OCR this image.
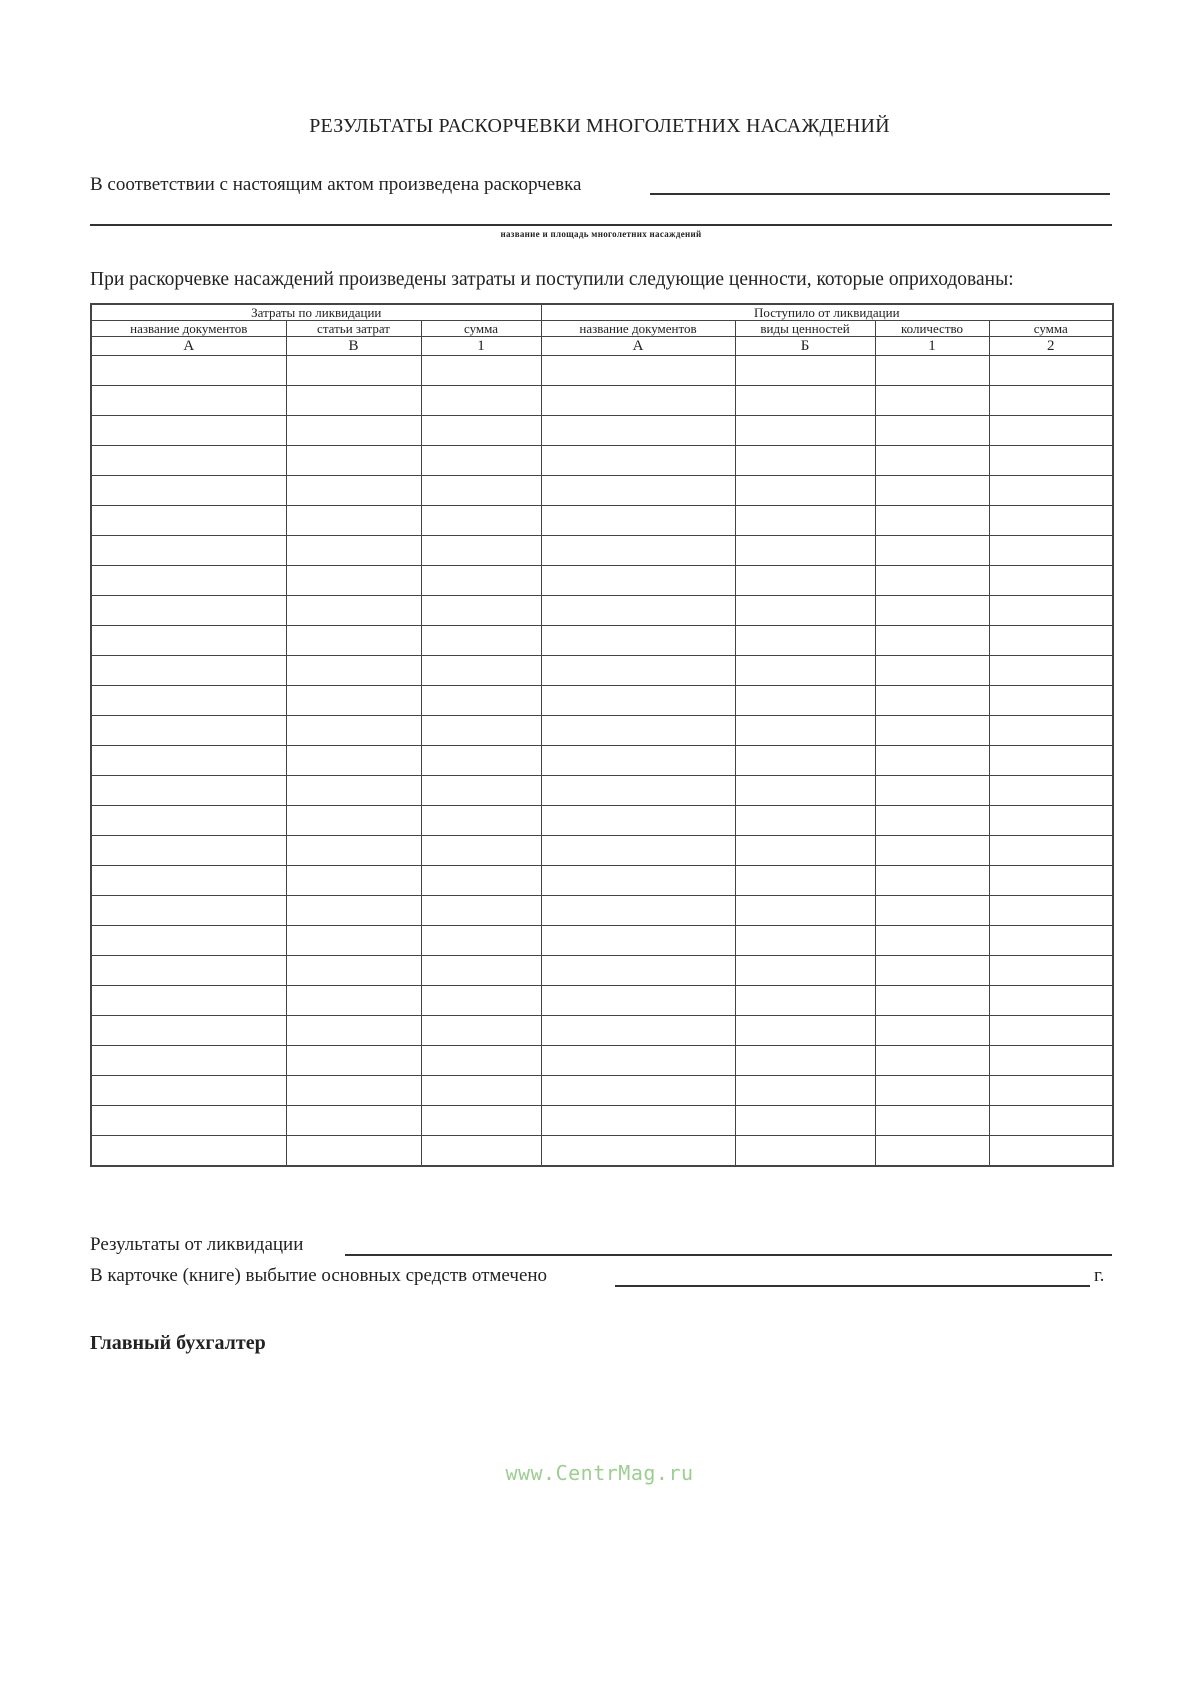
РЕЗУЛЬТАТЫ РАСКОРЧЕВКИ МНОГОЛЕТНИХ НАСАЖДЕНИЙ
В соответствии с настоящим актом произведена раскорчевка
название и площадь многолетних насаждений
При раскорчевке насаждений произведены затраты и поступили следующие ценности, которые оприходованы:
Затраты по ликвидации			Поступило от ликвидации			
название документов	статьи затрат	сумма	название документов	виды ценностей	количество	сумма
А	В	1	А	Б	1	2

Результаты от ликвидации
В карточке (книге) выбытие основных средств отмечено	г.
Главный бухгалтер
www.CentrMag.ru
